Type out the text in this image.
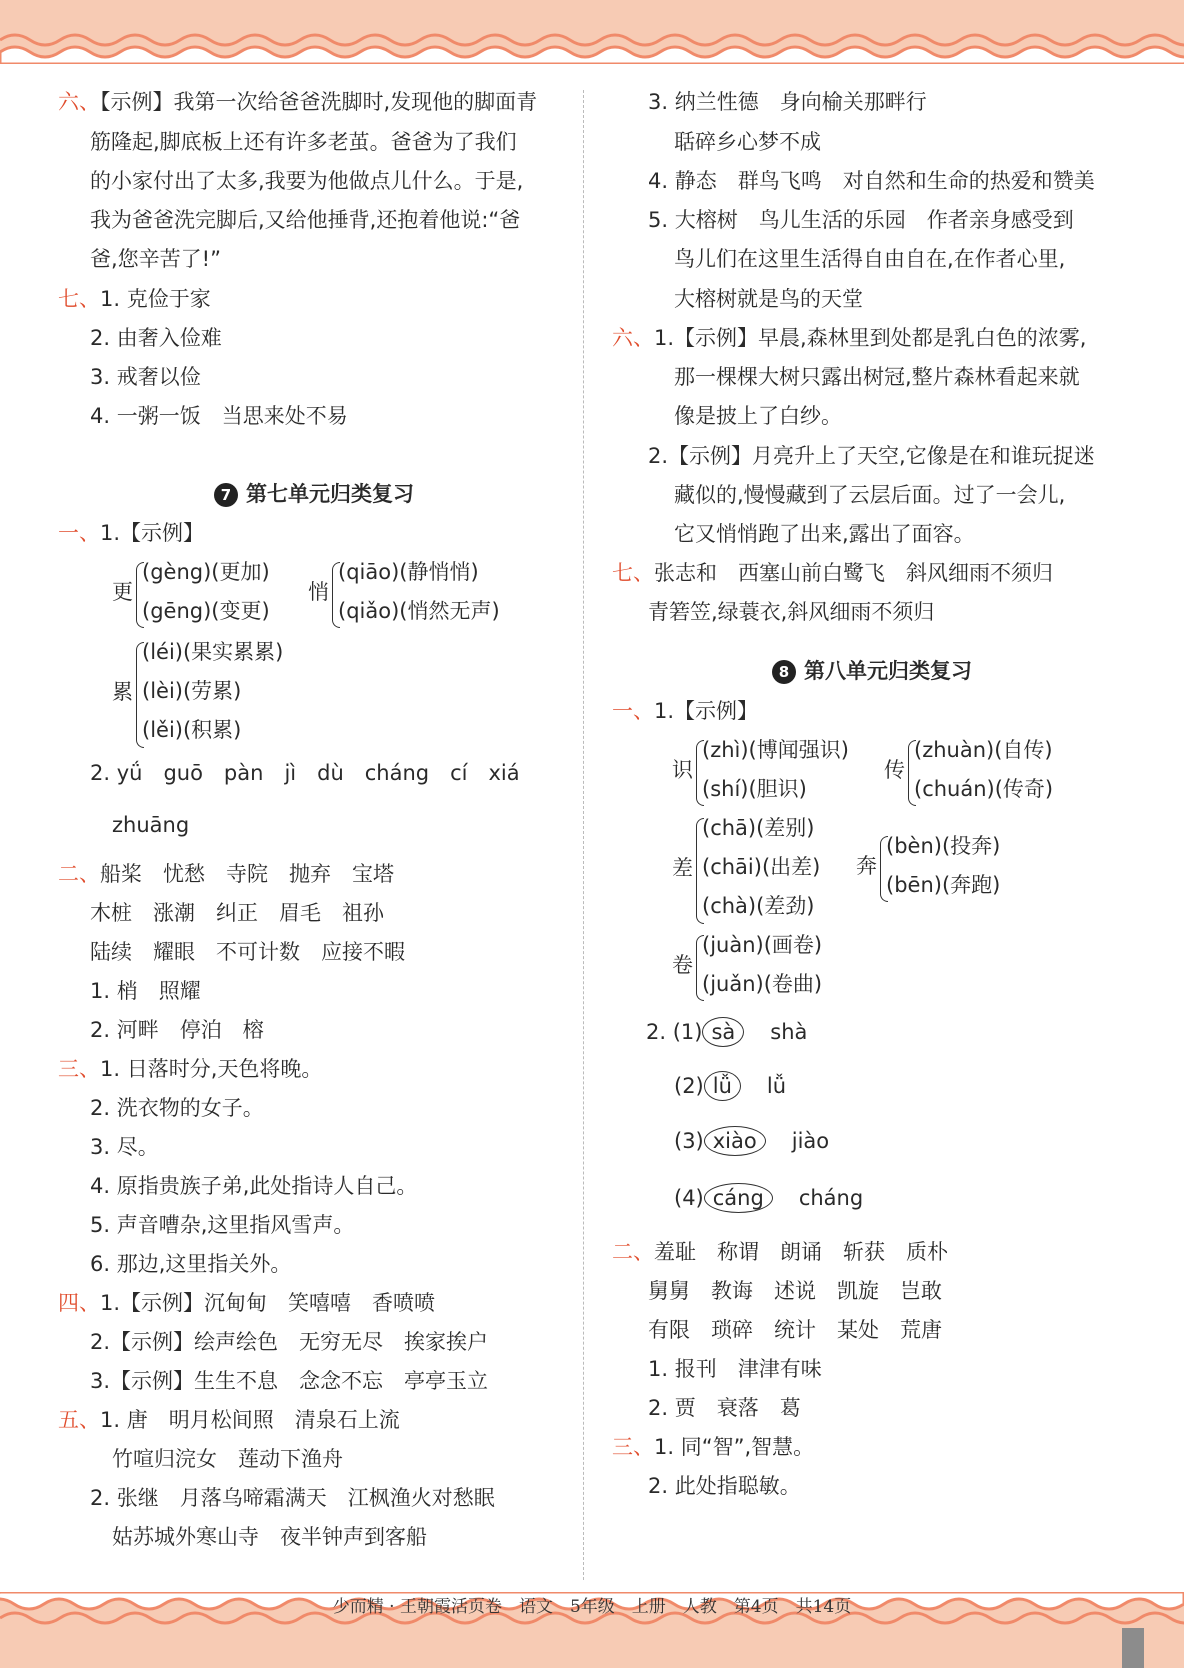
六、【示例】我第一次给爸爸洗脚时,发现他的脚面青
筋隆起,脚底板上还有许多老茧。爸爸为了我们
的小家付出了太多,我要为他做点儿什么。于是,
我为爸爸洗完脚后,又给他捶背,还抱着他说:“爸
爸,您辛苦了!”
七、1. 克俭于家
2. 由奢入俭难
3. 戒奢以俭
4. 一粥一饭　当思来处不易
7 第七单元归类复习
一、1.【示例】
更
(gèng)(更加)
(gēng)(变更)
悄
(qiāo)(静悄悄)
(qiǎo)(悄然无声)
累
(léi)(果实累累)
(lèi)(劳累)
(lěi)(积累)
2. yǘ　guō　pàn　jì　dù　cháng　cí　xiá
zhuāng
二、船桨　忧愁　寺院　抛弃　宝塔
木桩　涨潮　纠正　眉毛　祖孙
陆续　耀眼　不可计数　应接不暇
1. 梢　照耀
2. 河畔　停泊　榕
三、1. 日落时分,天色将晚。
2. 洗衣物的女子。
3. 尽。
4. 原指贵族子弟,此处指诗人自己。
5. 声音嘈杂,这里指风雪声。
6. 那边,这里指关外。
四、1.【示例】沉甸甸　笑嘻嘻　香喷喷
2.【示例】绘声绘色　无穷无尽　挨家挨户
3.【示例】生生不息　念念不忘　亭亭玉立
五、1. 唐　明月松间照　清泉石上流
竹喧归浣女　莲动下渔舟
2. 张继　月落乌啼霜满天　江枫渔火对愁眠
姑苏城外寒山寺　夜半钟声到客船
3. 纳兰性德　身向榆关那畔行
聒碎乡心梦不成
4. 静态　群鸟飞鸣　对自然和生命的热爱和赞美
5. 大榕树　鸟儿生活的乐园　作者亲身感受到
鸟儿们在这里生活得自由自在,在作者心里,
大榕树就是鸟的天堂
六、1.【示例】早晨,森林里到处都是乳白色的浓雾,
那一棵棵大树只露出树冠,整片森林看起来就
像是披上了白纱。
2.【示例】月亮升上了天空,它像是在和谁玩捉迷
藏似的,慢慢藏到了云层后面。过了一会儿,
它又悄悄跑了出来,露出了面容。
七、张志和　西塞山前白鹭飞　斜风细雨不须归
青箬笠,绿蓑衣,斜风细雨不须归
8 第八单元归类复习
一、1.【示例】
识
(zhì)(博闻强识)
(shí)(胆识)
传
(zhuàn)(自传)
(chuán)(传奇)
差
(chā)(差别)
(chāi)(出差)
(chà)(差劲)
奔
(bèn)(投奔)
(bēn)(奔跑)
卷
(juàn)(画卷)
(juǎn)(卷曲)
2. (1) sà shà
(2) lǚ lǚ
(3) xiào jiào
(4) cáng cháng
二、羞耻　称谓　朗诵　斩获　质朴
舅舅　教诲　述说　凯旋　岂敢
有限　琐碎　统计　某处　荒唐
1. 报刊　津津有味
2. 贾　衰落　葛
三、1. 同“智”,智慧。
2. 此处指聪敏。
少而精 · 王朝霞活页卷　语文　5年级　上册　人教　第4页　共14页
